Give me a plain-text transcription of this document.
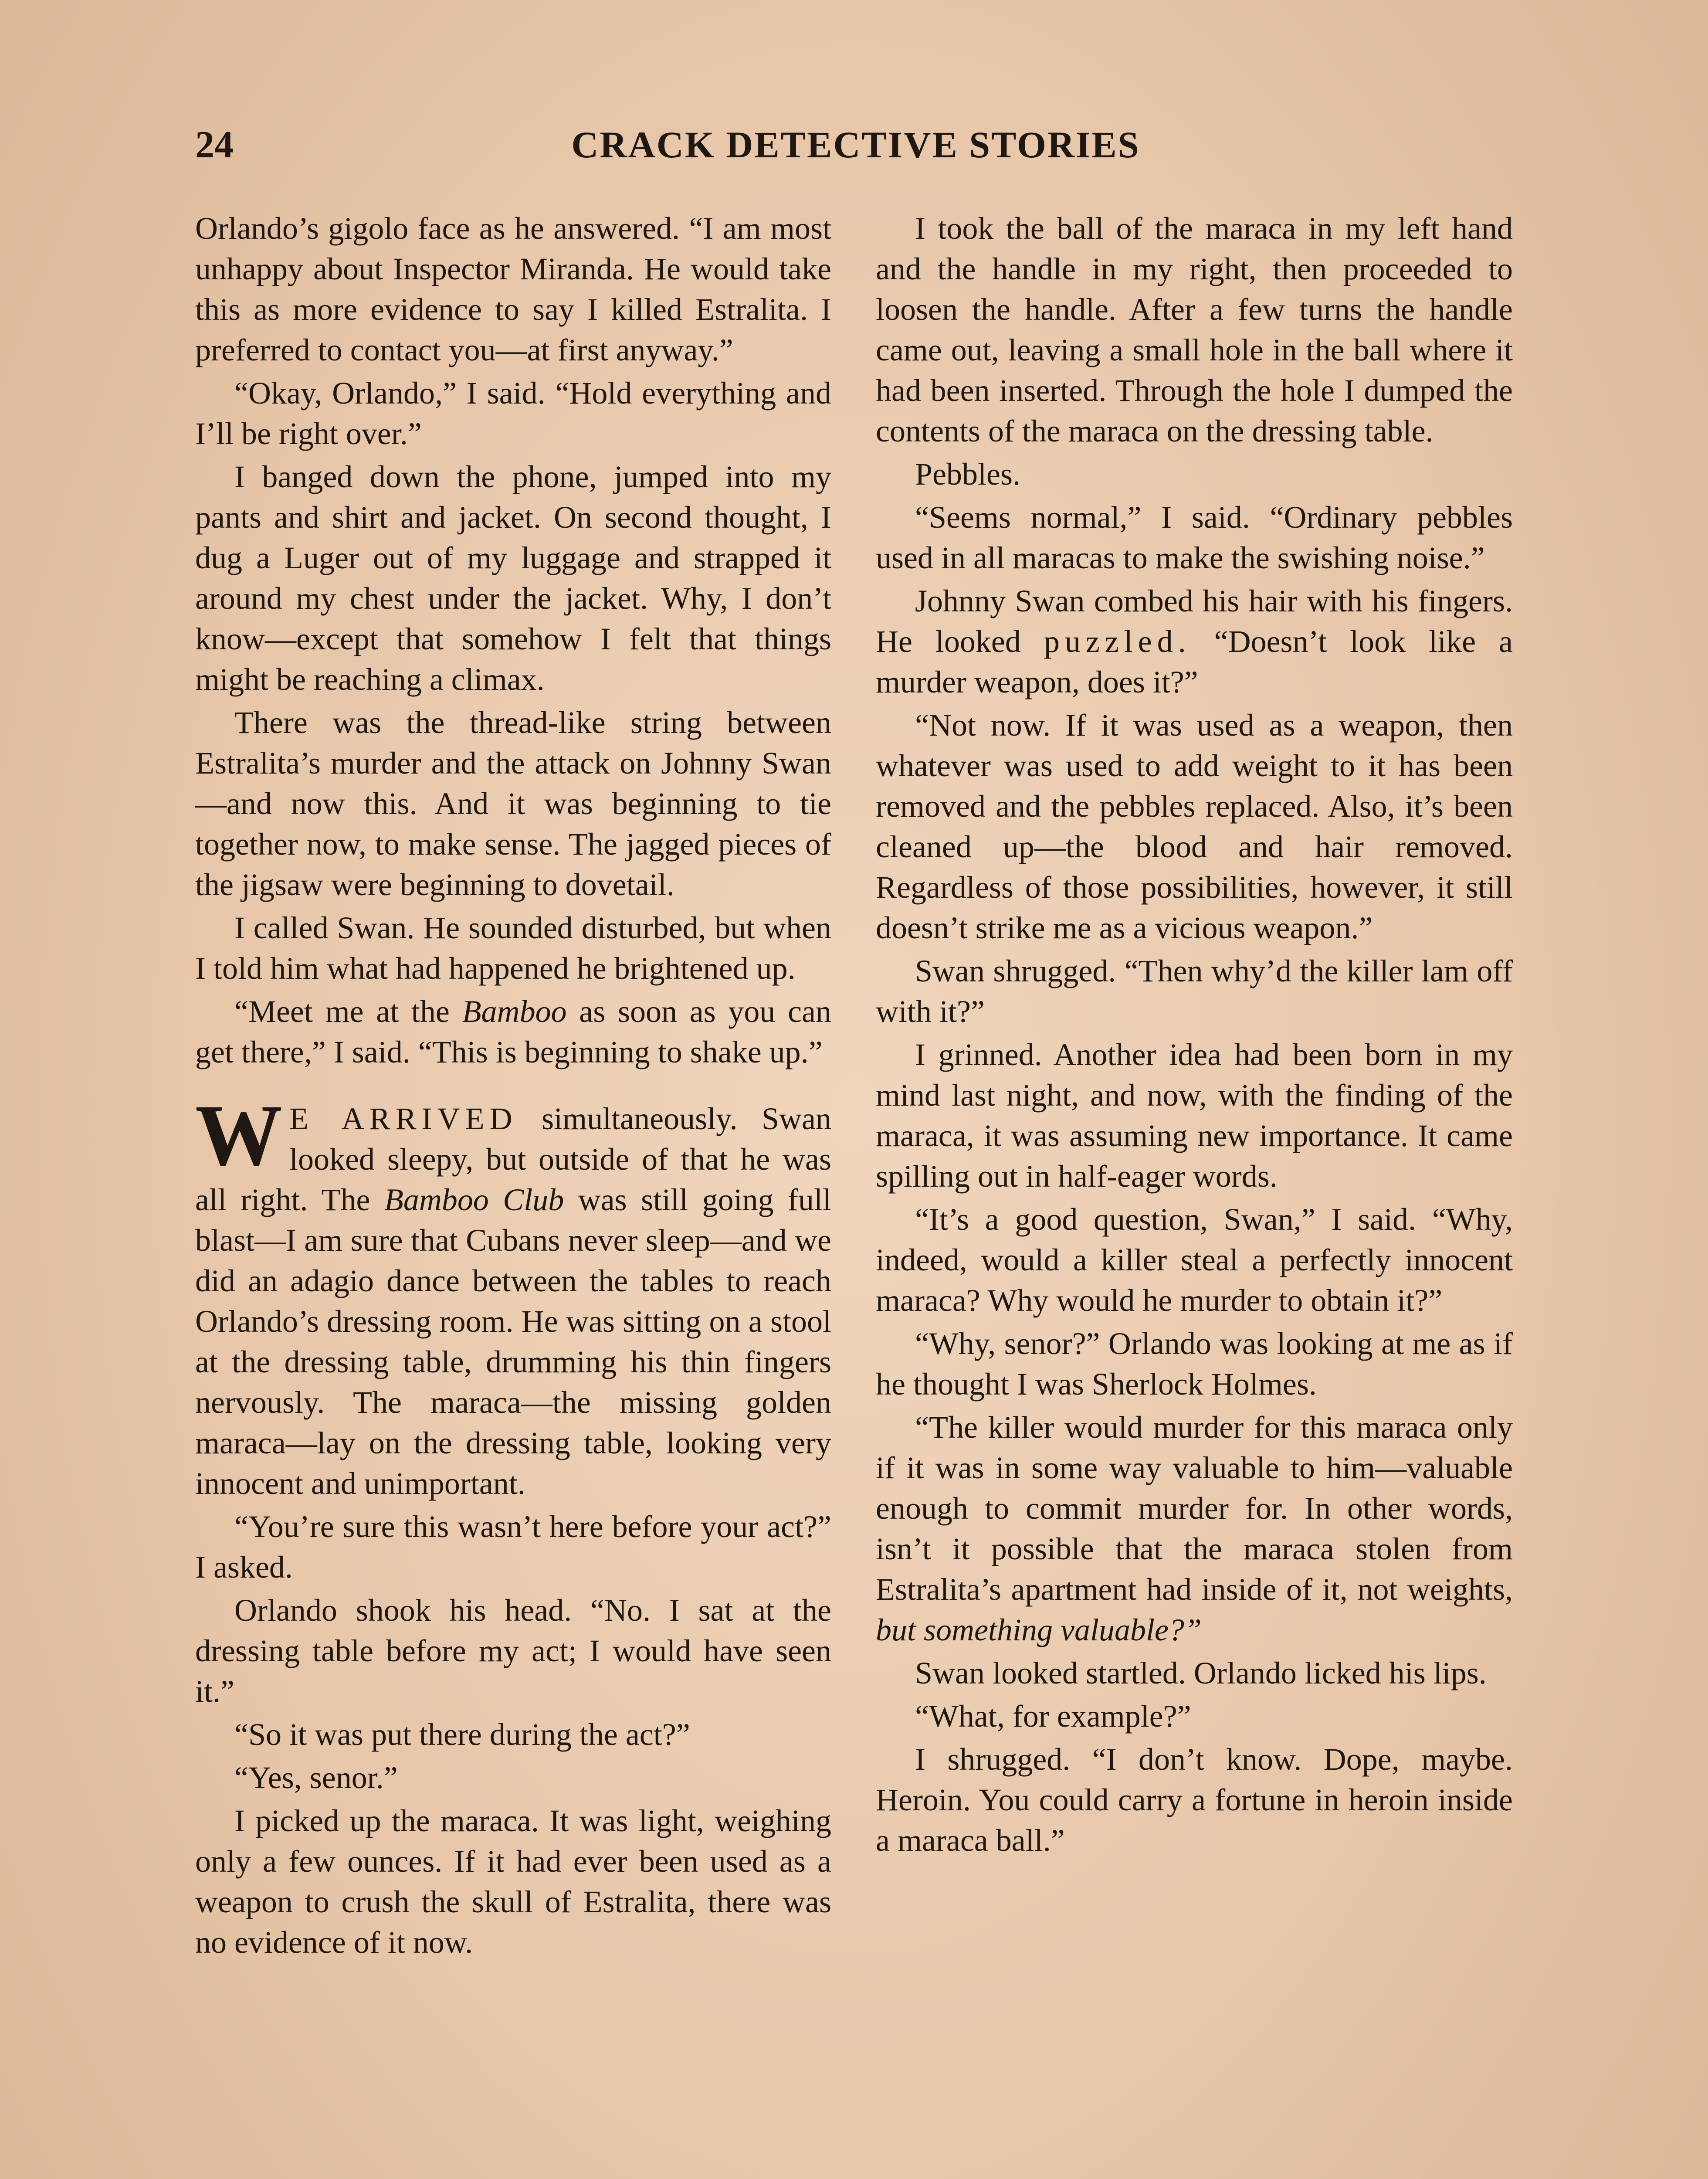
24	CRACK DETECTIVE STORIES

Orlando’s gigolo face as he answered. “I am most unhappy about Inspector Miranda. He would take this as more evidence to say I killed Estralita. I preferred to contact you—at first anyway.”

“Okay, Orlando,” I said. “Hold everything and I’ll be right over.”

I banged down the phone, jumped into my pants and shirt and jacket. On second thought, I dug a Luger out of my luggage and strapped it around my chest under the jacket. Why, I don’t know—except that somehow I felt that things might be reaching a climax.

There was the thread-like string between Estralita’s murder and the attack on Johnny Swan—and now this. And it was beginning to tie together now, to make sense. The jagged pieces of the jigsaw were beginning to dovetail.

I called Swan. He sounded disturbed, but when I told him what had happened he brightened up.

“Meet me at the Bamboo as soon as you can get there,” I said. “This is beginning to shake up.”

W E ARRIVED simultaneously. Swan looked sleepy, but outside of that he was all right. The Bamboo Club was still going full blast—I am sure that Cubans never sleep—and we did an adagio dance between the tables to reach Orlando’s dressing room. He was sitting on a stool at the dressing table, drumming his thin fingers nervously. The maraca—the missing golden maraca—lay on the dressing table, looking very innocent and unimportant.

“You’re sure this wasn’t here before your act?” I asked.

Orlando shook his head. “No. I sat at the dressing table before my act; I would have seen it.”

“So it was put there during the act?”

“Yes, senor.”

I picked up the maraca. It was light, weighing only a few ounces. If it had ever been used as a weapon to crush the skull of Estralita, there was no evidence of it now.

I took the ball of the maraca in my left hand and the handle in my right, then proceeded to loosen the handle. After a few turns the handle came out, leaving a small hole in the ball where it had been inserted. Through the hole I dumped the contents of the maraca on the dressing table.

Pebbles.

“Seems normal,” I said. “Ordinary pebbles used in all maracas to make the swishing noise.”

Johnny Swan combed his hair with his fingers. He looked puzzled. “Doesn’t look like a murder weapon, does it?”

“Not now. If it was used as a weapon, then whatever was used to add weight to it has been removed and the pebbles replaced. Also, it’s been cleaned up—the blood and hair removed. Regardless of those possibilities, however, it still doesn’t strike me as a vicious weapon.”

Swan shrugged. “Then why’d the killer lam off with it?”

I grinned. Another idea had been born in my mind last night, and now, with the finding of the maraca, it was assuming new importance. It came spilling out in half-eager words.

“It’s a good question, Swan,” I said. “Why, indeed, would a killer steal a perfectly innocent maraca? Why would he murder to obtain it?”

“Why, senor?” Orlando was looking at me as if he thought I was Sherlock Holmes.

“The killer would murder for this maraca only if it was in some way valuable to him—valuable enough to commit murder for. In other words, isn’t it possible that the maraca stolen from Estralita’s apartment had inside of it, not weights, but something valuable?”

Swan looked startled. Orlando licked his lips.

“What, for example?”

I shrugged. “I don’t know. Dope, maybe. Heroin. You could carry a fortune in heroin inside a maraca ball.”
